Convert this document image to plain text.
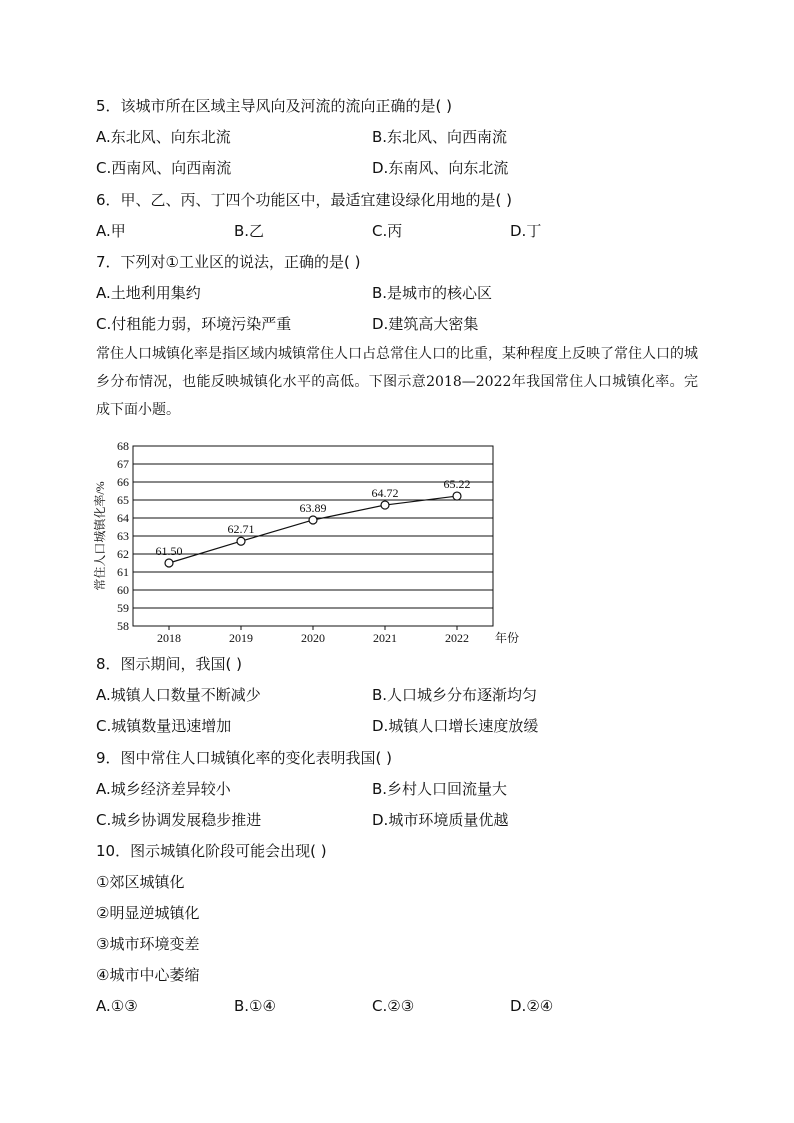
5．该城市所在区域主导风向及河流的流向正确的是( )
A.东北风、向东北流	B.东北风、向西南流
C.西南风、向西南流	D.东南风、向东北流
6．甲、乙、丙、丁四个功能区中，最适宜建设绿化用地的是( )
A.甲	B.乙	C.丙	D.丁
7．下列对①工业区的说法，正确的是( )
A.土地利用集约	B.是城市的核心区
C.付租能力弱，环境污染严重	D.建筑高大密集
常住人口城镇化率是指区域内城镇常住人口占总常住人口的比重，某种程度上反映了常住人口的城乡分布情况，也能反映城镇化水平的高低。下图示意2018—2022年我国常住人口城镇化率。完成下面小题。
58
59
60
61
62
63
64
65
66
67
68
2018	2019	2020	2021	2022 年份
常住人口城镇化率/%	61.50
62.71
63.89
64.72
65.22
8．图示期间，我国( )
A.城镇人口数量不断减少	B.人口城乡分布逐渐均匀
C.城镇数量迅速增加	D.城镇人口增长速度放缓
9．图中常住人口城镇化率的变化表明我国( )
A.城乡经济差异较小	B.乡村人口回流量大
C.城乡协调发展稳步推进	D.城市环境质量优越
10．图示城镇化阶段可能会出现( )
①郊区城镇化
②明显逆城镇化
③城市环境变差
④城市中心萎缩
A.①③	B.①④	C.②③	D.②④
